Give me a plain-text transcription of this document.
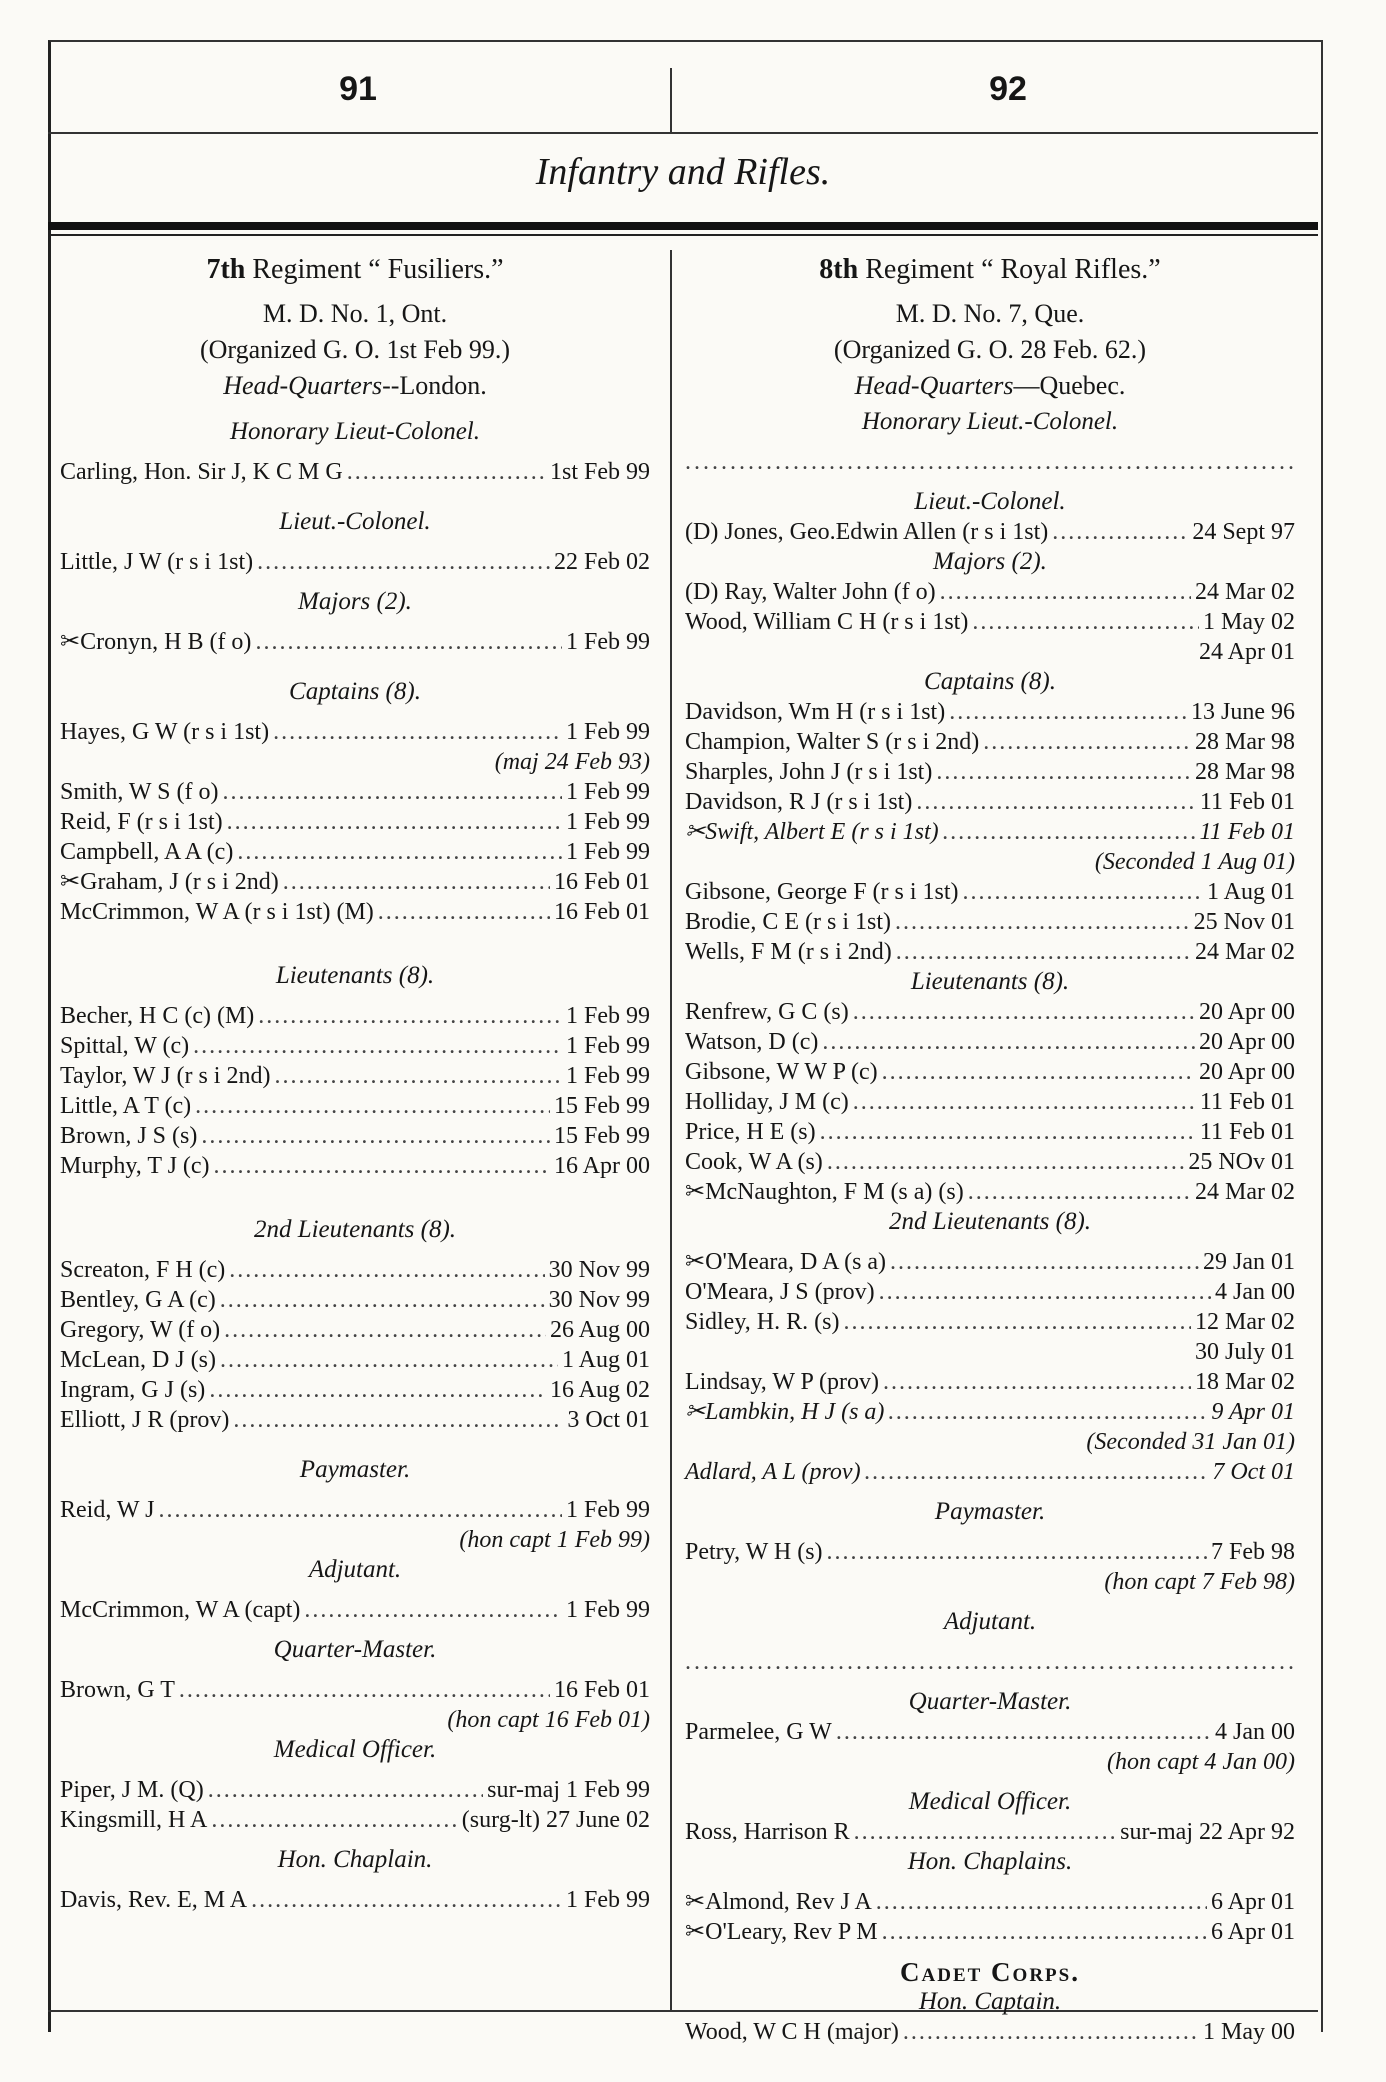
91	92
Infantry and Rifles.
7th Regiment “ Fusiliers.”
M. D. No. 1, Ont.
(Organized G. O. 1st Feb 99.)
Head-Quarters--London.
Honorary Lieut-Colonel.
Carling, Hon. Sir J, K C M G .....	1st Feb 99
Lieut.-Colonel.
Little, J W (r s i 1st) .....	22 Feb 02
Majors (2).
✂Cronyn, H B (f o) .....	1 Feb 99
Captains (8).
Hayes, G W (r s i 1st) .....	1 Feb 99
(maj 24 Feb 93)
Smith, W S (f o) .....	1 Feb 99
Reid, F (r s i 1st) .....	1 Feb 99
Campbell, A A (c) .....	1 Feb 99
✂Graham, J (r s i 2nd) .....	16 Feb 01
McCrimmon, W A (r s i 1st) (M) .....	16 Feb 01
Lieutenants (8).
Becher, H C (c) (M) .....	1 Feb 99
Spittal, W (c) .....	1 Feb 99
Taylor, W J (r s i 2nd) .....	1 Feb 99
Little, A T (c) .....	15 Feb 99
Brown, J S (s) .....	15 Feb 99
Murphy, T J (c) .....	16 Apr 00
2nd Lieutenants (8).
Screaton, F H (c) .....	30 Nov 99
Bentley, G A (c) .....	30 Nov 99
Gregory, W (f o) .....	26 Aug 00
McLean, D J (s) .....	1 Aug 01
Ingram, G J (s) .....	16 Aug 02
Elliott, J R (prov) .....	3 Oct 01
Paymaster.
Reid, W J .....	1 Feb 99
(hon capt 1 Feb 99)
Adjutant.
McCrimmon, W A (capt) .....	1 Feb 99
Quarter-Master.
Brown, G T .....	16 Feb 01
(hon capt 16 Feb 01)
Medical Officer.
Piper, J M. (Q) .....	sur-maj 1 Feb 99
Kingsmill, H A .....	(surg-lt) 27 June 02
Hon. Chaplain.
Davis, Rev. E, M A .....	1 Feb 99
8th Regiment “ Royal Rifles.”
M. D. No. 7, Que.
(Organized G. O. 28 Feb. 62.)
Head-Quarters—Quebec.
Honorary Lieut.-Colonel.
.....
Lieut.-Colonel.
(D) Jones, Geo.Edwin Allen (r s i 1st) .....	24 Sept 97
Majors (2).
(D) Ray, Walter John (f o) .....	24 Mar 02
Wood, William C H (r s i 1st) .....	1 May 02
24 Apr 01
Captains (8).
Davidson, Wm H (r s i 1st) .....	13 June 96
Champion, Walter S (r s i 2nd) .....	28 Mar 98
Sharples, John J (r s i 1st) .....	28 Mar 98
Davidson, R J (r s i 1st) .....	11 Feb 01
✂Swift, Albert E (r s i 1st) .....	11 Feb 01
(Seconded 1 Aug 01)
Gibsone, George F (r s i 1st) .....	1 Aug 01
Brodie, C E (r s i 1st) .....	25 Nov 01
Wells, F M (r s i 2nd) .....	24 Mar 02
Lieutenants (8).
Renfrew, G C (s) .....	20 Apr 00
Watson, D (c) .....	20 Apr 00
Gibsone, W W P (c) .....	20 Apr 00
Holliday, J M (c) .....	11 Feb 01
Price, H E (s) .....	11 Feb 01
Cook, W A (s) .....	25 NOv 01
✂McNaughton, F M (s a) (s) .....	24 Mar 02
2nd Lieutenants (8).
✂O'Meara, D A (s a) .....	29 Jan 01
O'Meara, J S (prov) .....	4 Jan 00
Sidley, H. R. (s) .....	12 Mar 02
30 July 01
Lindsay, W P (prov) .....	18 Mar 02
✂Lambkin, H J (s a) .....	9 Apr 01
(Seconded 31 Jan 01)
Adlard, A L (prov) .....	7 Oct 01
Paymaster.
Petry, W H (s) .....	7 Feb 98
(hon capt 7 Feb 98)
Adjutant.
.....
Quarter-Master.
Parmelee, G W .....	4 Jan 00
(hon capt 4 Jan 00)
Medical Officer.
Ross, Harrison R .....	sur-maj 22 Apr 92
Hon. Chaplains.
✂Almond, Rev J A .....	6 Apr 01
✂O'Leary, Rev P M .....	6 Apr 01
Cadet Corps.
Hon. Captain.
Wood, W C H (major) .....	1 May 00
